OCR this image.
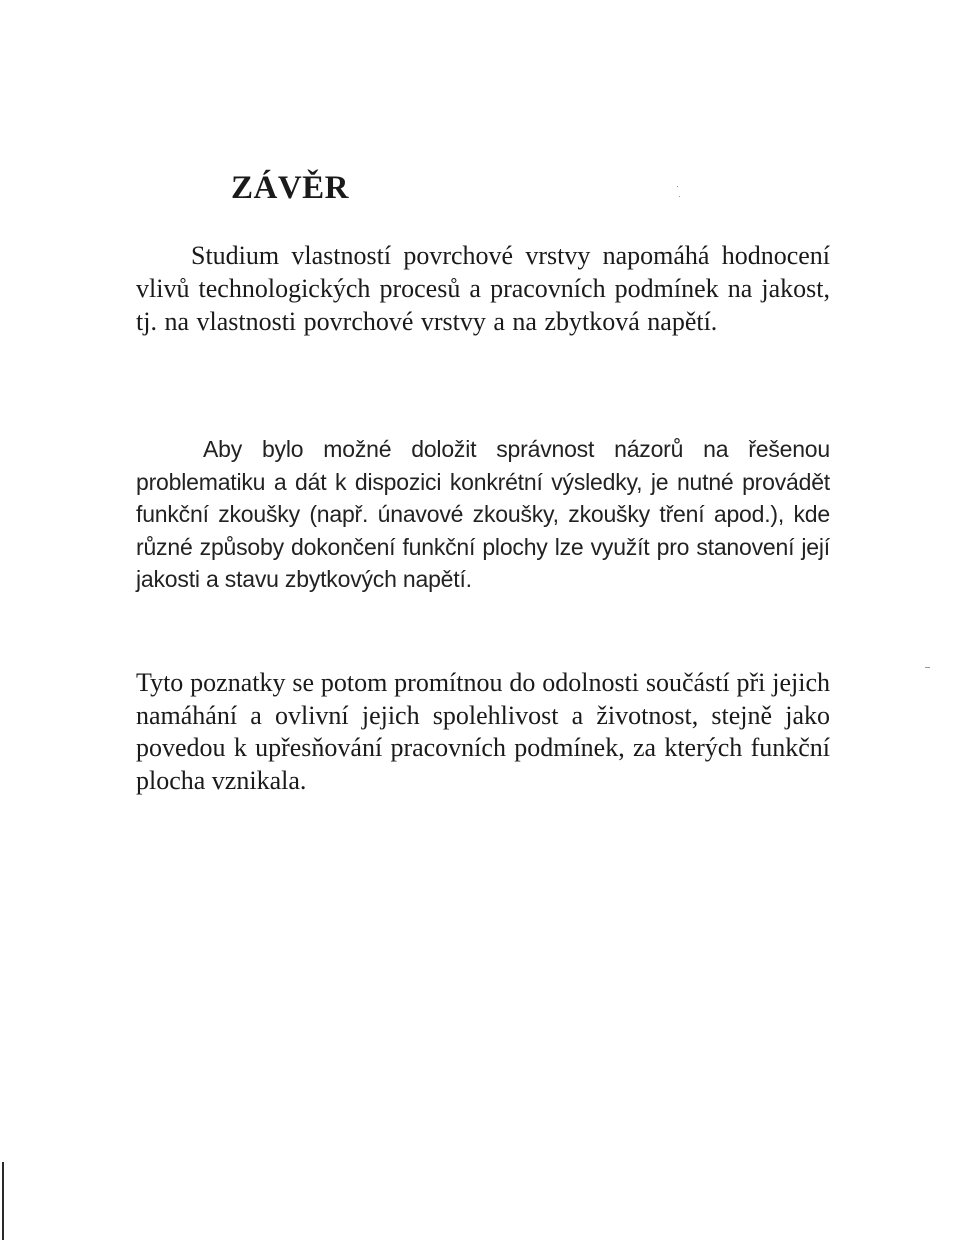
ZÁVĚR

Studium vlastností povrchové vrstvy napomáhá hodnocení vlivů technologických procesů a pracovních podmínek na jakost, tj. na vlastnosti povrchové vrstvy a na zbytková napětí.

Aby bylo možné doložit správnost názorů na řešenou problematiku a dát k dispozici konkrétní výsledky, je nutné provádět funkční zkoušky (např. únavové zkoušky, zkoušky tření apod.), kde různé způsoby dokončení funkční plochy lze využít pro stanovení její jakosti a stavu zbytkových napětí.

Tyto poznatky se potom promítnou do odolnosti součástí při jejich namáhání a ovlivní jejich spolehlivost a životnost, stejně jako povedou k upřesňování pracovních podmínek, za kterých funkční plocha vznikala.
